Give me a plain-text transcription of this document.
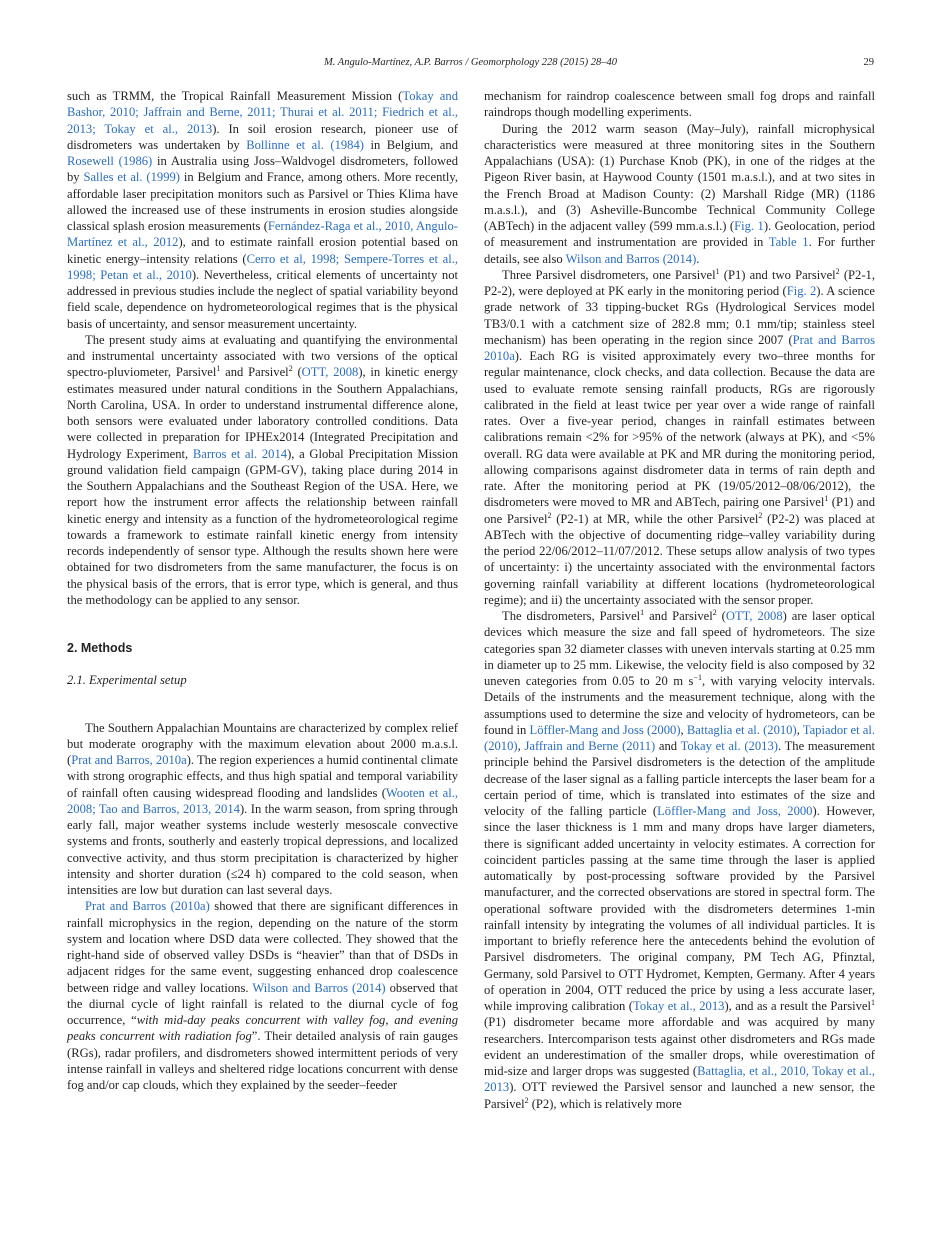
M. Angulo-Martínez, A.P. Barros / Geomorphology 228 (2015) 28–40	29

such as TRMM, the Tropical Rainfall Measurement Mission (Tokay and Bashor, 2010; Jaffrain and Berne, 2011; Thurai et al. 2011; Fiedrich et al., 2013; Tokay et al., 2013). In soil erosion research, pioneer use of disdrometers was undertaken by Bollinne et al. (1984) in Belgium, and Rosewell (1986) in Australia using Joss–Waldvogel disdrometers, followed by Salles et al. (1999) in Belgium and France, among others. More recently, affordable laser precipitation monitors such as Parsivel or Thies Klima have allowed the increased use of these instruments in erosion studies alongside classical splash erosion measurements (Fernández-Raga et al., 2010, Angulo-Martínez et al., 2012), and to estimate rainfall erosion potential based on kinetic energy–intensity relations (Cerro et al, 1998; Sempere-Torres et al., 1998; Petan et al., 2010). Nevertheless, critical elements of uncertainty not addressed in previous studies include the neglect of spatial variability beyond field scale, dependence on hydrometeorological regimes that is the physical basis of uncertainty, and sensor measurement uncertainty.

The present study aims at evaluating and quantifying the environmental and instrumental uncertainty associated with two versions of the optical spectro-pluviometer, Parsivel$^1$ and Parsivel$^2$ (OTT, 2008), in kinetic energy estimates measured under natural conditions in the Southern Appalachians, North Carolina, USA. In order to understand instrumental difference alone, both sensors were evaluated under laboratory controlled conditions. Data were collected in preparation for IPHEx2014 (Integrated Precipitation and Hydrology Experiment, Barros et al. 2014), a Global Precipitation Mission ground validation field campaign (GPM-GV), taking place during 2014 in the Southern Appalachians and the Southeast Region of the USA. Here, we report how the instrument error affects the relationship between rainfall kinetic energy and intensity as a function of the hydrometeorological regime towards a framework to estimate rainfall kinetic energy from intensity records independently of sensor type. Although the results shown here were obtained for two disdrometers from the same manufacturer, the focus is on the physical basis of the errors, that is error type, which is general, and thus the methodology can be applied to any sensor.

2. Methods
2.1. Experimental setup

The Southern Appalachian Mountains are characterized by complex relief but moderate orography with the maximum elevation about 2000 m.a.s.l. (Prat and Barros, 2010a). The region experiences a humid continental climate with strong orographic effects, and thus high spatial and temporal variability of rainfall often causing widespread flooding and landslides (Wooten et al., 2008; Tao and Barros, 2013, 2014). In the warm season, from spring through early fall, major weather systems include westerly mesoscale convective systems and fronts, southerly and easterly tropical depressions, and localized convective activity, and thus storm precipitation is characterized by higher intensity and shorter duration (≤24 h) compared to the cold season, when intensities are low but duration can last several days.

Prat and Barros (2010a) showed that there are significant differences in rainfall microphysics in the region, depending on the nature of the storm system and location where DSD data were collected. They showed that the right-hand side of observed valley DSDs is “heavier” than that of DSDs in adjacent ridges for the same event, suggesting enhanced drop coalescence between ridge and valley locations. Wilson and Barros (2014) observed that the diurnal cycle of light rainfall is related to the diurnal cycle of fog occurrence, “with mid-day peaks concurrent with valley fog, and evening peaks concurrent with radiation fog”. Their detailed analysis of rain gauges (RGs), radar profilers, and disdrometers showed intermittent periods of very intense rainfall in valleys and sheltered ridge locations concurrent with dense fog and/or cap clouds, which they explained by the seeder–feeder

mechanism for raindrop coalescence between small fog drops and rainfall raindrops though modelling experiments.

During the 2012 warm season (May–July), rainfall microphysical characteristics were measured at three monitoring sites in the Southern Appalachians (USA): (1) Purchase Knob (PK), in one of the ridges at the Pigeon River basin, at Haywood County (1501 m.a.s.l.), and at two sites in the French Broad at Madison County: (2) Marshall Ridge (MR) (1186 m.a.s.l.), and (3) Asheville-Buncombe Technical Community College (ABTech) in the adjacent valley (599 mm.a.s.l.) (Fig. 1). Geolocation, period of measurement and instrumentation are provided in Table 1. For further details, see also Wilson and Barros (2014).

Three Parsivel disdrometers, one Parsivel$^1$ (P1) and two Parsivel$^2$ (P2-1, P2-2), were deployed at PK early in the monitoring period (Fig. 2). A science grade network of 33 tipping-bucket RGs (Hydrological Services model TB3/0.1 with a catchment size of 282.8 mm; 0.1 mm/tip; stainless steel mechanism) has been operating in the region since 2007 (Prat and Barros 2010a). Each RG is visited approximately every two–three months for regular maintenance, clock checks, and data collection. Because the data are used to evaluate remote sensing rainfall products, RGs are rigorously calibrated in the field at least twice per year over a wide range of rainfall rates. Over a five-year period, changes in rainfall estimates between calibrations remain <2% for >95% of the network (always at PK), and <5% overall. RG data were available at PK and MR during the monitoring period, allowing comparisons against disdrometer data in terms of rain depth and rate. After the monitoring period at PK (19/05/2012–08/06/2012), the disdrometers were moved to MR and ABTech, pairing one Parsivel$^1$ (P1) and one Parsivel$^2$ (P2-1) at MR, while the other Parsivel$^2$ (P2-2) was placed at ABTech with the objective of documenting ridge–valley variability during the period 22/06/2012–11/07/2012. These setups allow analysis of two types of uncertainty: i) the uncertainty associated with the environmental factors governing rainfall variability at different locations (hydrometeorological regime); and ii) the uncertainty associated with the sensor proper.

The disdrometers, Parsivel$^1$ and Parsivel$^2$ (OTT, 2008) are laser optical devices which measure the size and fall speed of hydrometeors. The size categories span 32 diameter classes with uneven intervals starting at 0.25 mm in diameter up to 25 mm. Likewise, the velocity field is also composed by 32 uneven categories from 0.05 to 20 m $s^{-1}$, with varying velocity intervals. Details of the instruments and the measurement technique, along with the assumptions used to determine the size and velocity of hydrometeors, can be found in Löffler-Mang and Joss (2000), Battaglia et al. (2010), Tapiador et al. (2010), Jaffrain and Berne (2011) and Tokay et al. (2013). The measurement principle behind the Parsivel disdrometers is the detection of the amplitude decrease of the laser signal as a falling particle intercepts the laser beam for a certain period of time, which is translated into estimates of the size and velocity of the falling particle (Löffler-Mang and Joss, 2000). However, since the laser thickness is 1 mm and many drops have larger diameters, there is significant added uncertainty in velocity estimates. A correction for coincident particles passing at the same time through the laser is applied automatically by post-processing software provided by the Parsivel manufacturer, and the corrected observations are stored in spectral form. The operational software provided with the disdrometers determines 1-min rainfall intensity by integrating the volumes of all individual particles. It is important to briefly reference here the antecedents behind the evolution of Parsivel disdrometers. The original company, PM Tech AG, Pfinztal, Germany, sold Parsivel to OTT Hydromet, Kempten, Germany. After 4 years of operation in 2004, OTT reduced the price by using a less accurate laser, while improving calibration (Tokay et al., 2013), and as a result the Parsivel$^1$ (P1) disdrometer became more affordable and was acquired by many researchers. Intercomparison tests against other disdrometers and RGs made evident an underestimation of the smaller drops, while overestimation of mid-size and larger drops was suggested (Battaglia, et al., 2010, Tokay et al., 2013). OTT reviewed the Parsivel sensor and launched a new sensor, the Parsivel$^2$ (P2), which is relatively more
